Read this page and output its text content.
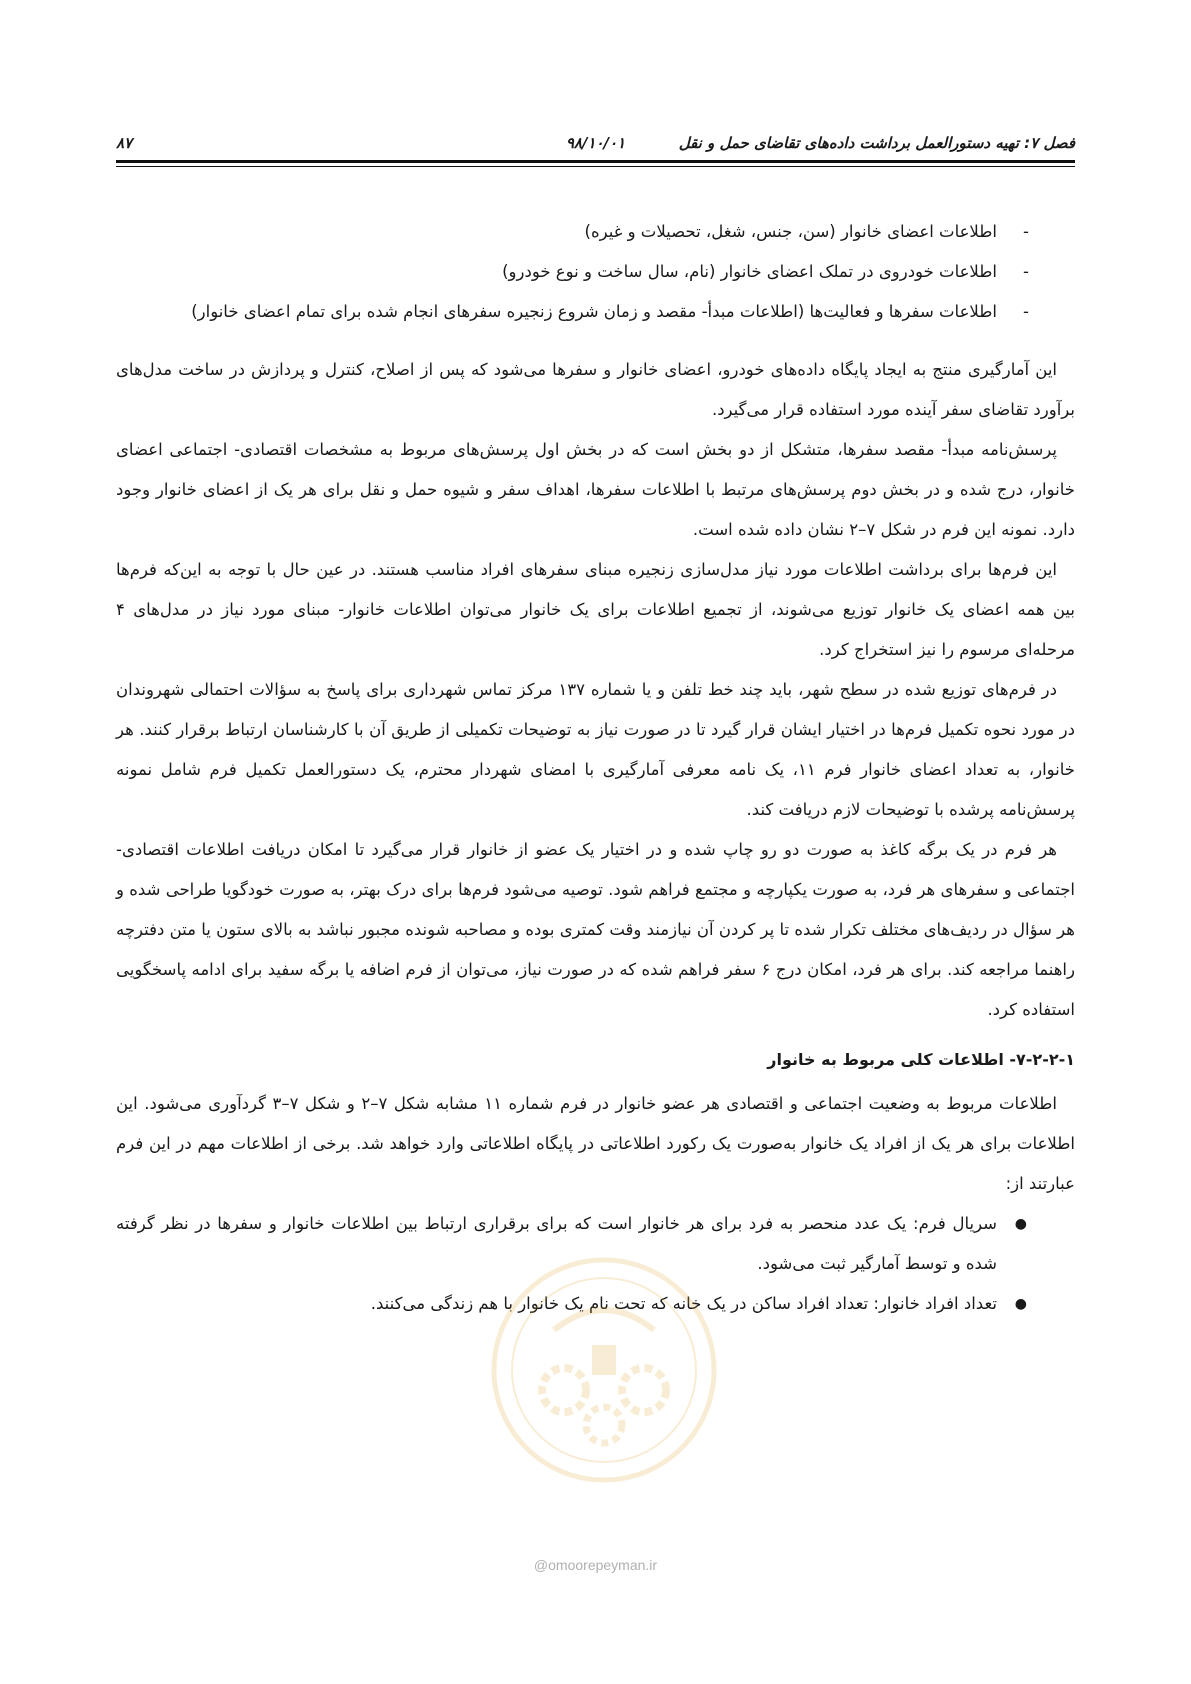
فصل ۷: تهیه دستورالعمل برداشت داده‌های تقاضای حمل و نقل
۹۸/۱۰/۰۱
۸۷
-
اطلاعات اعضای خانوار (سن، جنس، شغل، تحصیلات و غیره)
-
اطلاعات خودروی در تملک اعضای خانوار (نام، سال ساخت و نوع خودرو)
-
اطلاعات سفرها و فعالیت‌ها (اطلاعات مبدأ- مقصد و زمان شروع زنجیره سفرهای انجام شده برای تمام اعضای خانوار)

این آمارگیری منتج به ایجاد پایگاه داده‌های خودرو، اعضای خانوار و سفرها می‌شود که پس از اصلاح، کنترل و پردازش در ساخت مدل‌های برآورد تقاضای سفر آینده مورد استفاده قرار می‌گیرد.

پرسش‌نامه مبدأ- مقصد سفرها، متشکل از دو بخش است که در بخش اول پرسش‌های مربوط به مشخصات اقتصادی- اجتماعی اعضای خانوار، درج شده و در بخش دوم پرسش‌های مرتبط با اطلاعات سفرها، اهداف سفر و شیوه حمل و نقل برای هر یک از اعضای خانوار وجود دارد. نمونه این فرم در شکل ۷–۲ نشان داده شده است.

این فرم‌ها برای برداشت اطلاعات مورد نیاز مدل‌سازی زنجیره مبنای سفرهای افراد مناسب هستند. در عین حال با توجه به این‌که فرم‌ها بین همه اعضای یک خانوار توزیع می‌شوند، از تجمیع اطلاعات برای یک خانوار می‌توان اطلاعات خانوار- مبنای مورد نیاز در مدل‌های ۴ مرحله‌ای مرسوم را نیز استخراج کرد.

در فرم‌های توزیع شده در سطح شهر، باید چند خط تلفن و یا شماره ۱۳۷ مرکز تماس شهرداری برای پاسخ به سؤالات احتمالی شهروندان در مورد نحوه تکمیل فرم‌ها در اختیار ایشان قرار گیرد تا در صورت نیاز به توضیحات تکمیلی از طریق آن با کارشناسان ارتباط برقرار کنند. هر خانوار، به تعداد اعضای خانوار فرم ۱۱، یک نامه معرفی آمارگیری با امضای شهردار محترم، یک دستورالعمل تکمیل فرم شامل نمونه پرسش‌نامه پرشده با توضیحات لازم دریافت کند.

هر فرم در یک برگه کاغذ به صورت دو رو چاپ شده و در اختیار یک عضو از خانوار قرار می‌گیرد تا امکان دریافت اطلاعات اقتصادی- اجتماعی و سفرهای هر فرد، به صورت یکپارچه و مجتمع فراهم شود. توصیه می‌شود فرم‌ها برای درک بهتر، به صورت خودگویا طراحی شده و هر سؤال در ردیف‌های مختلف تکرار شده تا پر کردن آن نیازمند وقت کمتری بوده و مصاحبه شونده مجبور نباشد به بالای ستون یا متن دفترچه راهنما مراجعه کند. برای هر فرد، امکان درج ۶ سفر فراهم شده که در صورت نیاز، می‌توان از فرم اضافه یا برگه سفید برای ادامه پاسخگویی استفاده کرد.

۷-۲-۲-۱- اطلاعات کلی مربوط به خانوار

اطلاعات مربوط به وضعیت اجتماعی و اقتصادی هر عضو خانوار در فرم شماره ۱۱ مشابه شکل ۷–۲ و شکل ۷–۳ گردآوری می‌شود. این اطلاعات برای هر یک از افراد یک خانوار به‌صورت یک رکورد اطلاعاتی در پایگاه اطلاعاتی وارد خواهد شد. برخی از اطلاعات مهم در این فرم عبارتند از:

●
سریال فرم: یک عدد منحصر به فرد برای هر خانوار است که برای برقراری ارتباط بین اطلاعات خانوار و سفرها در نظر گرفته شده و توسط آمارگیر ثبت می‌شود.
●
تعداد افراد خانوار: تعداد افراد ساکن در یک خانه که تحت نام یک خانوار با هم زندگی می‌کنند.
@omoorepeyman.ir
